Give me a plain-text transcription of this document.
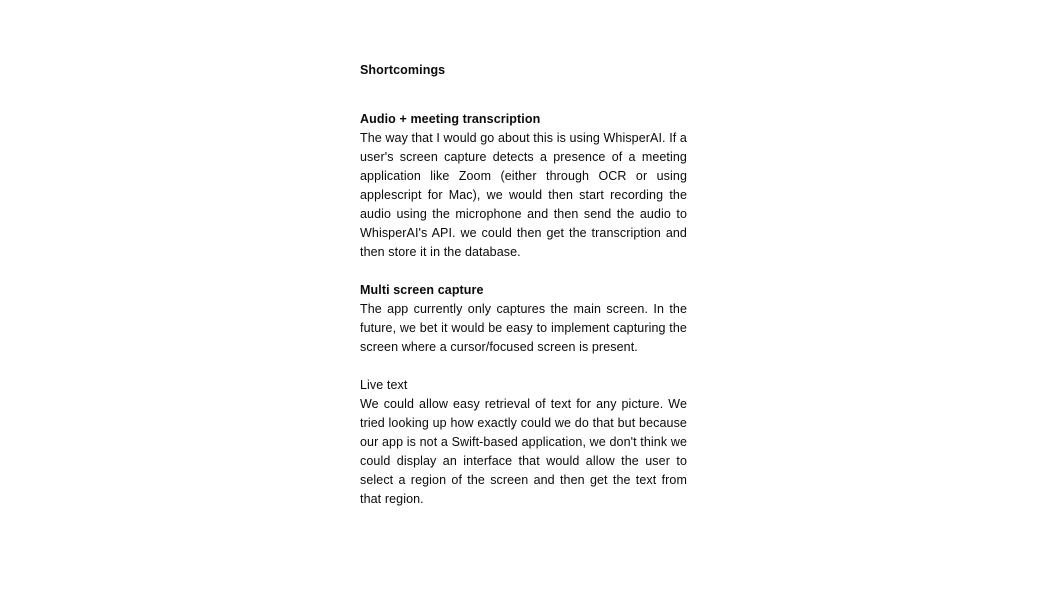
Shortcomings
Audio + meeting transcription
The way that I would go about this is using WhisperAI. If a
user's screen capture detects a presence of a meeting
application like Zoom (either through OCR or using
applescript for Mac), we would then start recording the
audio using the microphone and then send the audio to
WhisperAI's API. we could then get the transcription and
then store it in the database.
Multi screen capture
The app currently only captures the main screen. In the
future, we bet it would be easy to implement capturing the
screen where a cursor/focused screen is present.
Live text
We could allow easy retrieval of text for any picture. We
tried looking up how exactly could we do that but because
our app is not a Swift-based application, we don't think we
could display an interface that would allow the user to
select a region of the screen and then get the text from
that region.
